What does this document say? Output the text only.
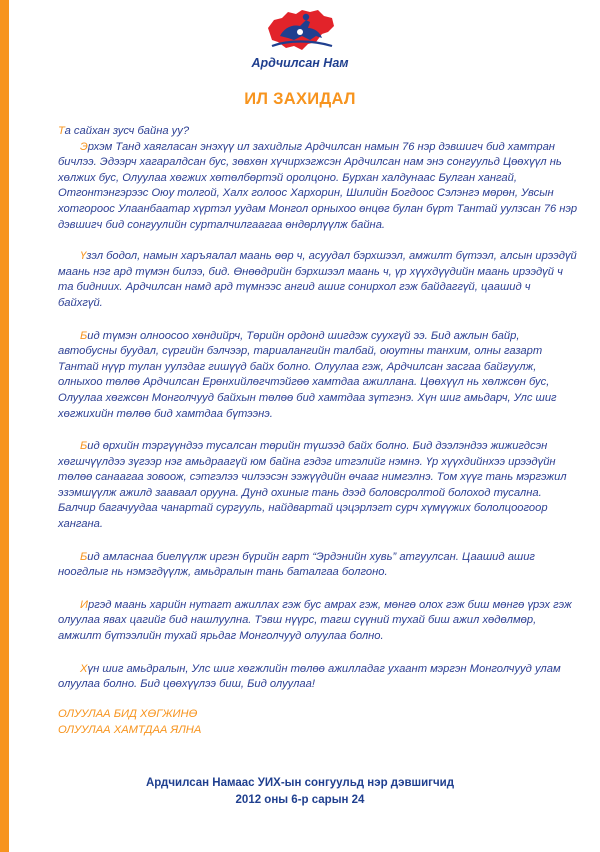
Ардчилсан Нам
ИЛ ЗАХИДАЛ
Та сайхан зусч байна уу?
Эрхэм Танд хаягласан энэхүү ил захидлыг Ардчилсан намын 76 нэр дэвшигч бид хамтран бичлээ. Эдээрч хагаралдсан бус, зөвхөн хүчирхэгжсэн Ардчилсан нам энэ сонгуульд Цөөхүүл нь хөлжих бус, Олуулаа хөгжих хөтөлбөртэй оролцоно. Бурхан халдунаас Булган хангай, Отгонтэнгэрээс Оюу толгой, Халх голоос Хархорин, Шилийн Богдоос Сэлэнгэ мөрөн, Увсын хотгороос Улаанбаатар хүртэл уудам Монгол орныхоо өнцөг булан бүрт Тантай уулзсан 76 нэр дэвшигч бид сонгуулийн сурталчилгаагаа өндөрлүүлж байна.
Үзэл бодол, намын харъяалал маань өөр ч, асуудал бэрхшээл, амжилт бүтээл, алсын ирээдүй маань нэг ард түмэн билээ, бид. Өнөөдрийн бэрхшээл маань ч, үр хүүхдүүдийн маань ирээдүй ч та бидниих. Ардчилсан намд ард түмнээс ангид ашиг сонирхол гэж байдаггүй, цаашид ч байхгүй.
Бид түмэн олноосоо хөндийрч, Төрийн ордонд шигдэж суухгүй ээ. Бид ажлын байр, автобусны буудал, сүргийн бэлчээр, тариалангийн талбай, оюутны танхим, олны газарт Тантай нүүр тулан уулздаг гишүүд байх болно. Олуулаа гэж, Ардчилсан засгаа байгуулж, олныхоо төлөө Ардчилсан Ерөнхийлөгчтэйгөө хамтдаа ажиллана. Цөөхүүл нь хөлжсөн бус, Олуулаа хөгжсөн Монголчууд байхын төлөө бид хамтдаа зүтгэнэ. Хүн шиг амьдарч, Улс шиг хөгжихийн төлөө бид хамтдаа бүтээнэ.
Бид өрхийн тэргүүндээ тусалсан төрийн түшээд байх болно. Бид дээлэндээ жижигдсэн хөгшчүүлдээ зүгээр нэг амьдраагүй юм байна гэдэг итгэлийг нэмнэ. Үр хүүхдийнхээ ирээдүйн төлөө санаагаа зовоож, сэтгэлээ чилээсэн ээжүүдийн өчааг нимгэлнэ. Том хүүг тань мэргэжил эзэмшүүлж ажилд зааваал орууна. Дунд охиныг тань дээд боловсролтой болоход тусална. Балчир багачуудаа чанартай сургууль, найдвартай цэцэрлэгт сурч хүмүүжих бололцоогоор хангана.
Бид амласнаа биелүүлж иргэн бүрийн гарт “Эрдэнийн хувь” атгуулсан. Цаашид ашиг ноогдлыг нь нэмэгдүүлж, амьдралын тань баталгаа болгоно.
Иргэд маань харийн нутагт ажиллах гэж бус амрах гэж, мөнгө олох гэж биш мөнгө үрэх гэж олуулаа явах цагийг бид нашлуулна. Тэвш нүүрс, тагш сүүний тухай биш ажил хөдөлмөр, амжилт бүтээлийн тухай ярьдаг Монголчууд олуулаа болно.
Хүн шиг амьдралын, Улс шиг хөгжлийн төлөө ажилладаг ухаант мэргэн Монголчууд улам олуулаа болно. Бид цөөхүүлээ биш, Бид олуулаа!
ОЛУУЛАА БИД ХӨГЖИНӨ
ОЛУУЛАА ХАМТДАА ЯЛНА
Ардчилсан Намаас УИХ-ын сонгуульд нэр дэвшигчид
2012 оны 6-р сарын 24
